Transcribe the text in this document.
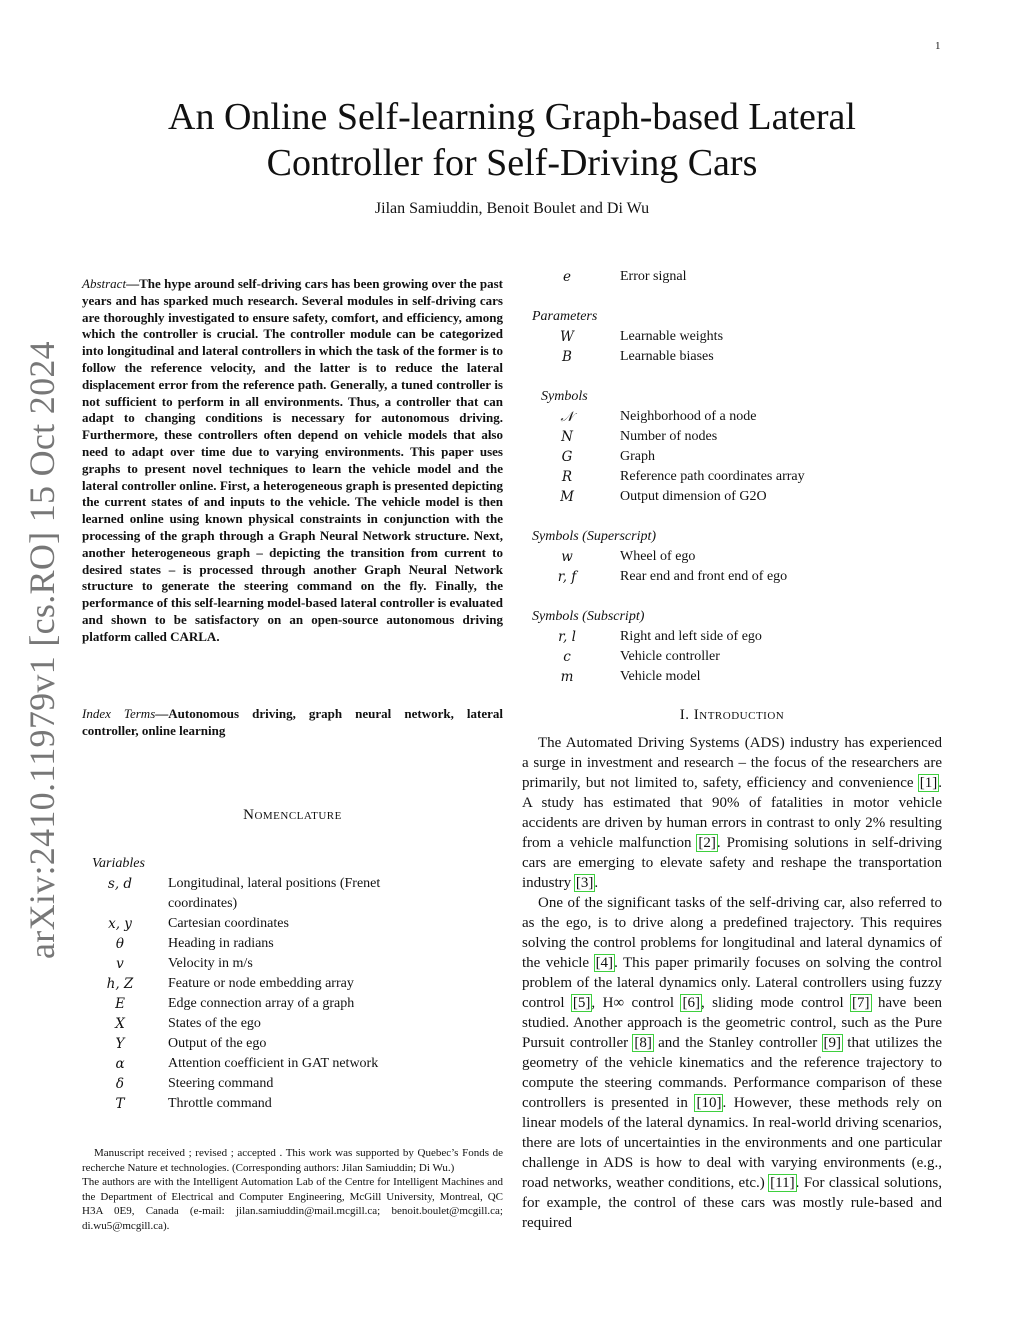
1
arXiv:2410.11979v1 [cs.RO] 15 Oct 2024
An Online Self-learning Graph-based Lateral
Controller for Self-Driving Cars
Jilan Samiuddin, Benoit Boulet and Di Wu
Abstract—The hype around self-driving cars has been growing over the past years and has sparked much research. Several modules in self-driving cars are thoroughly investigated to ensure safety, comfort, and efficiency, among which the controller is crucial. The controller module can be categorized into longitudinal and lateral controllers in which the task of the former is to follow the reference velocity, and the latter is to reduce the lateral displacement error from the reference path. Generally, a tuned controller is not sufficient to perform in all environments. Thus, a controller that can adapt to changing conditions is necessary for autonomous driving. Furthermore, these controllers often depend on vehicle models that also need to adapt over time due to varying environments. This paper uses graphs to present novel techniques to learn the vehicle model and the lateral controller online. First, a heterogeneous graph is presented depicting the current states of and inputs to the vehicle. The vehicle model is then learned online using known physical constraints in conjunction with the processing of the graph through a Graph Neural Network structure. Next, another heterogeneous graph – depicting the transition from current to desired states – is processed through another Graph Neural Network structure to generate the steering command on the fly. Finally, the performance of this self-learning model-based lateral controller is evaluated and shown to be satisfactory on an open-source autonomous driving platform called CARLA.
Index Terms—Autonomous driving, graph neural network, lateral controller, online learning
Nomenclature
Variables
s, d	Longitudinal, lateral positions (Frenet coordinates)
x, y	Cartesian coordinates
θ	Heading in radians
v	Velocity in m/s
h, Z	Feature or node embedding array
E	Edge connection array of a graph
X	States of the ego
Y	Output of the ego
α	Attention coefficient in GAT network
δ	Steering command
T	Throttle command
e	Error signal
Parameters
W	Learnable weights
B	Learnable biases
Symbols
𝒩	Neighborhood of a node
N	Number of nodes
G	Graph
R	Reference path coordinates array
M	Output dimension of G2O
Symbols (Superscript)
w	Wheel of ego
r, f	Rear end and front end of ego
Symbols (Subscript)
r, l	Right and left side of ego
c	Vehicle controller
m	Vehicle model
I. Introduction

The Automated Driving Systems (ADS) industry has experienced a surge in investment and research – the focus of the researchers are primarily, but not limited to, safety, efficiency and convenience [1]. A study has estimated that 90% of fatalities in motor vehicle accidents are driven by human errors in contrast to only 2% resulting from a vehicle malfunction [2]. Promising solutions in self-driving cars are emerging to elevate safety and reshape the transportation industry [3].

One of the significant tasks of the self-driving car, also referred to as the ego, is to drive along a predefined trajectory. This requires solving the control problems for longitudinal and lateral dynamics of the vehicle [4]. This paper primarily focuses on solving the control problem of the lateral dynamics only. Lateral controllers using fuzzy control [5], H∞ control [6], sliding mode control [7] have been studied. Another approach is the geometric control, such as the Pure Pursuit controller [8] and the Stanley controller [9] that utilizes the geometry of the vehicle kinematics and the reference trajectory to compute the steering commands. Performance comparison of these controllers is presented in [10]. However, these methods rely on linear models of the lateral dynamics. In real-world driving scenarios, there are lots of uncertainties in the environments and one particular challenge in ADS is how to deal with varying environments (e.g., road networks, weather conditions, etc.) [11]. For classical solutions, for example, the control of these cars was mostly rule-based and required

Manuscript received ; revised ; accepted . This work was supported by Quebec’s Fonds de recherche Nature et technologies. (Corresponding authors: Jilan Samiuddin; Di Wu.)

The authors are with the Intelligent Automation Lab of the Centre for Intelligent Machines and the Department of Electrical and Computer Engineering, McGill University, Montreal, QC H3A 0E9, Canada (e-mail: jilan.samiuddin@mail.mcgill.ca; benoit.boulet@mcgill.ca; di.wu5@mcgill.ca).
